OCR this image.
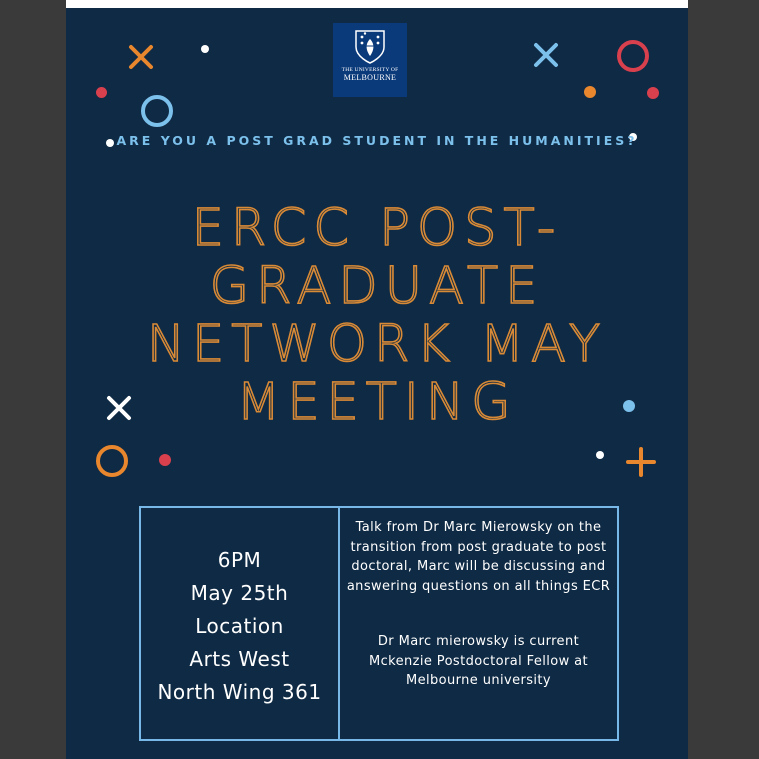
THE UNIVERSITY OF
MELBOURNE
ARE YOU A POST GRAD STUDENT IN THE HUMANITIES?
ERCC POST-
GRADUATE
NETWORK MAY
MEETING
6PM
May 25th
Location
Arts West
North Wing 361

Talk from Dr Marc Mierowsky on the transition from post graduate to post doctoral, Marc will be discussing and answering questions on all things ECR

Dr Marc mierowsky is current Mckenzie Postdoctoral Fellow at Melbourne university
